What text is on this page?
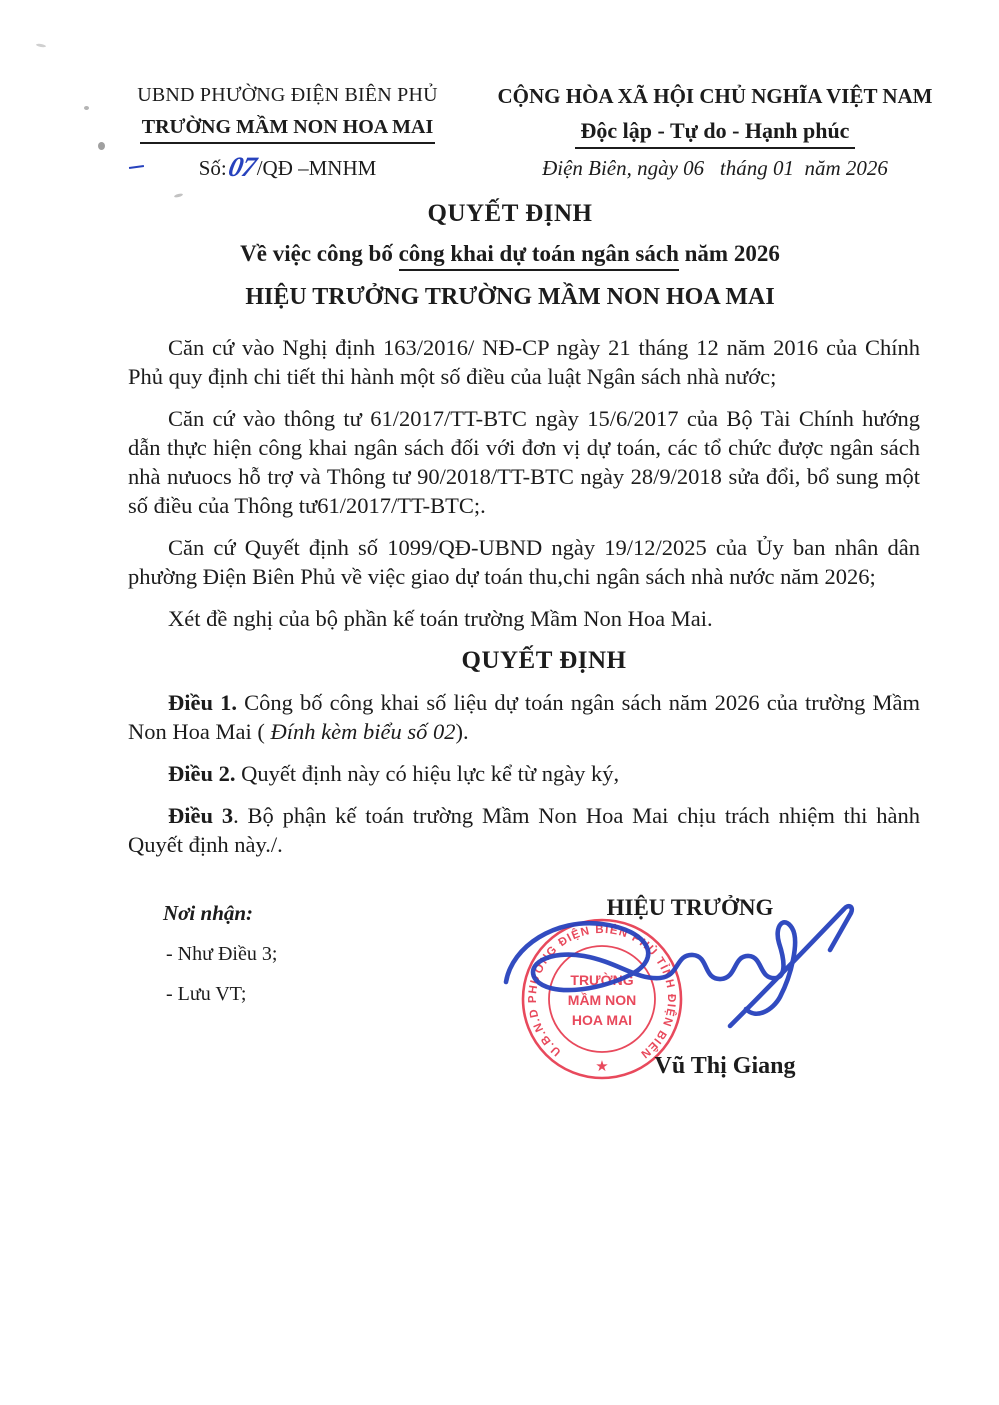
UBND PHƯỜNG ĐIỆN BIÊN PHỦ
TRƯỜNG MẦM NON HOA MAI
Số:07
/QĐ –MNHM
CỘNG HÒA XÃ HỘI CHỦ NGHĨA VIỆT NAM
Độc lập - Tự do - Hạnh phúc
Điện Biên, ngày 06   tháng 01  năm 2026
QUYẾT ĐỊNH
Về việc công bố công khai dự toán ngân sách năm 2026
HIỆU TRƯỞNG TRƯỜNG MẦM NON HOA MAI

Căn cứ vào Nghị định 163/2016/ NĐ-CP ngày 21 tháng 12 năm 2016 của Chính Phủ quy định chi tiết thi hành một số điều của luật Ngân sách nhà nước;

Căn cứ vào thông tư 61/2017/TT-BTC ngày 15/6/2017 của Bộ Tài Chính hướng dẫn thực hiện công khai ngân sách đối với đơn vị dự toán, các tổ chức được ngân sách nhà nưuocs hỗ trợ và Thông tư 90/2018/TT-BTC ngày 28/9/2018 sửa đổi, bổ sung một số điều của Thông tư61/2017/TT-BTC;.

Căn cứ Quyết định số 1099/QĐ-UBND ngày 19/12/2025 của Ủy ban nhân dân phường Điện Biên Phủ về việc giao dự toán thu,chi ngân sách nhà nước năm 2026;

Xét đề nghị của bộ phần kế toán trường Mầm Non Hoa Mai.

QUYẾT ĐỊNH

Điều 1. Công bố công khai số liệu dự toán ngân sách năm 2026 của trường Mầm Non Hoa Mai ( Đính kèm biểu số 02).

Điều 2. Quyết định này có hiệu lực kể từ ngày ký,

Điều 3. Bộ phận kế toán trường Mầm Non Hoa Mai chịu trách nhiệm thi hành Quyết định này./.

Nơi nhận:
- Như Điều 3;
- Lưu VT;
HIỆU TRƯỞNG
U.B.N.D PHƯỜNG ĐIỆN BIÊN PHỦ TỈNH ĐIỆN BIÊN
TRƯỜNG
MẦM NON
HOA MAI
★	Vũ Thị Giang
